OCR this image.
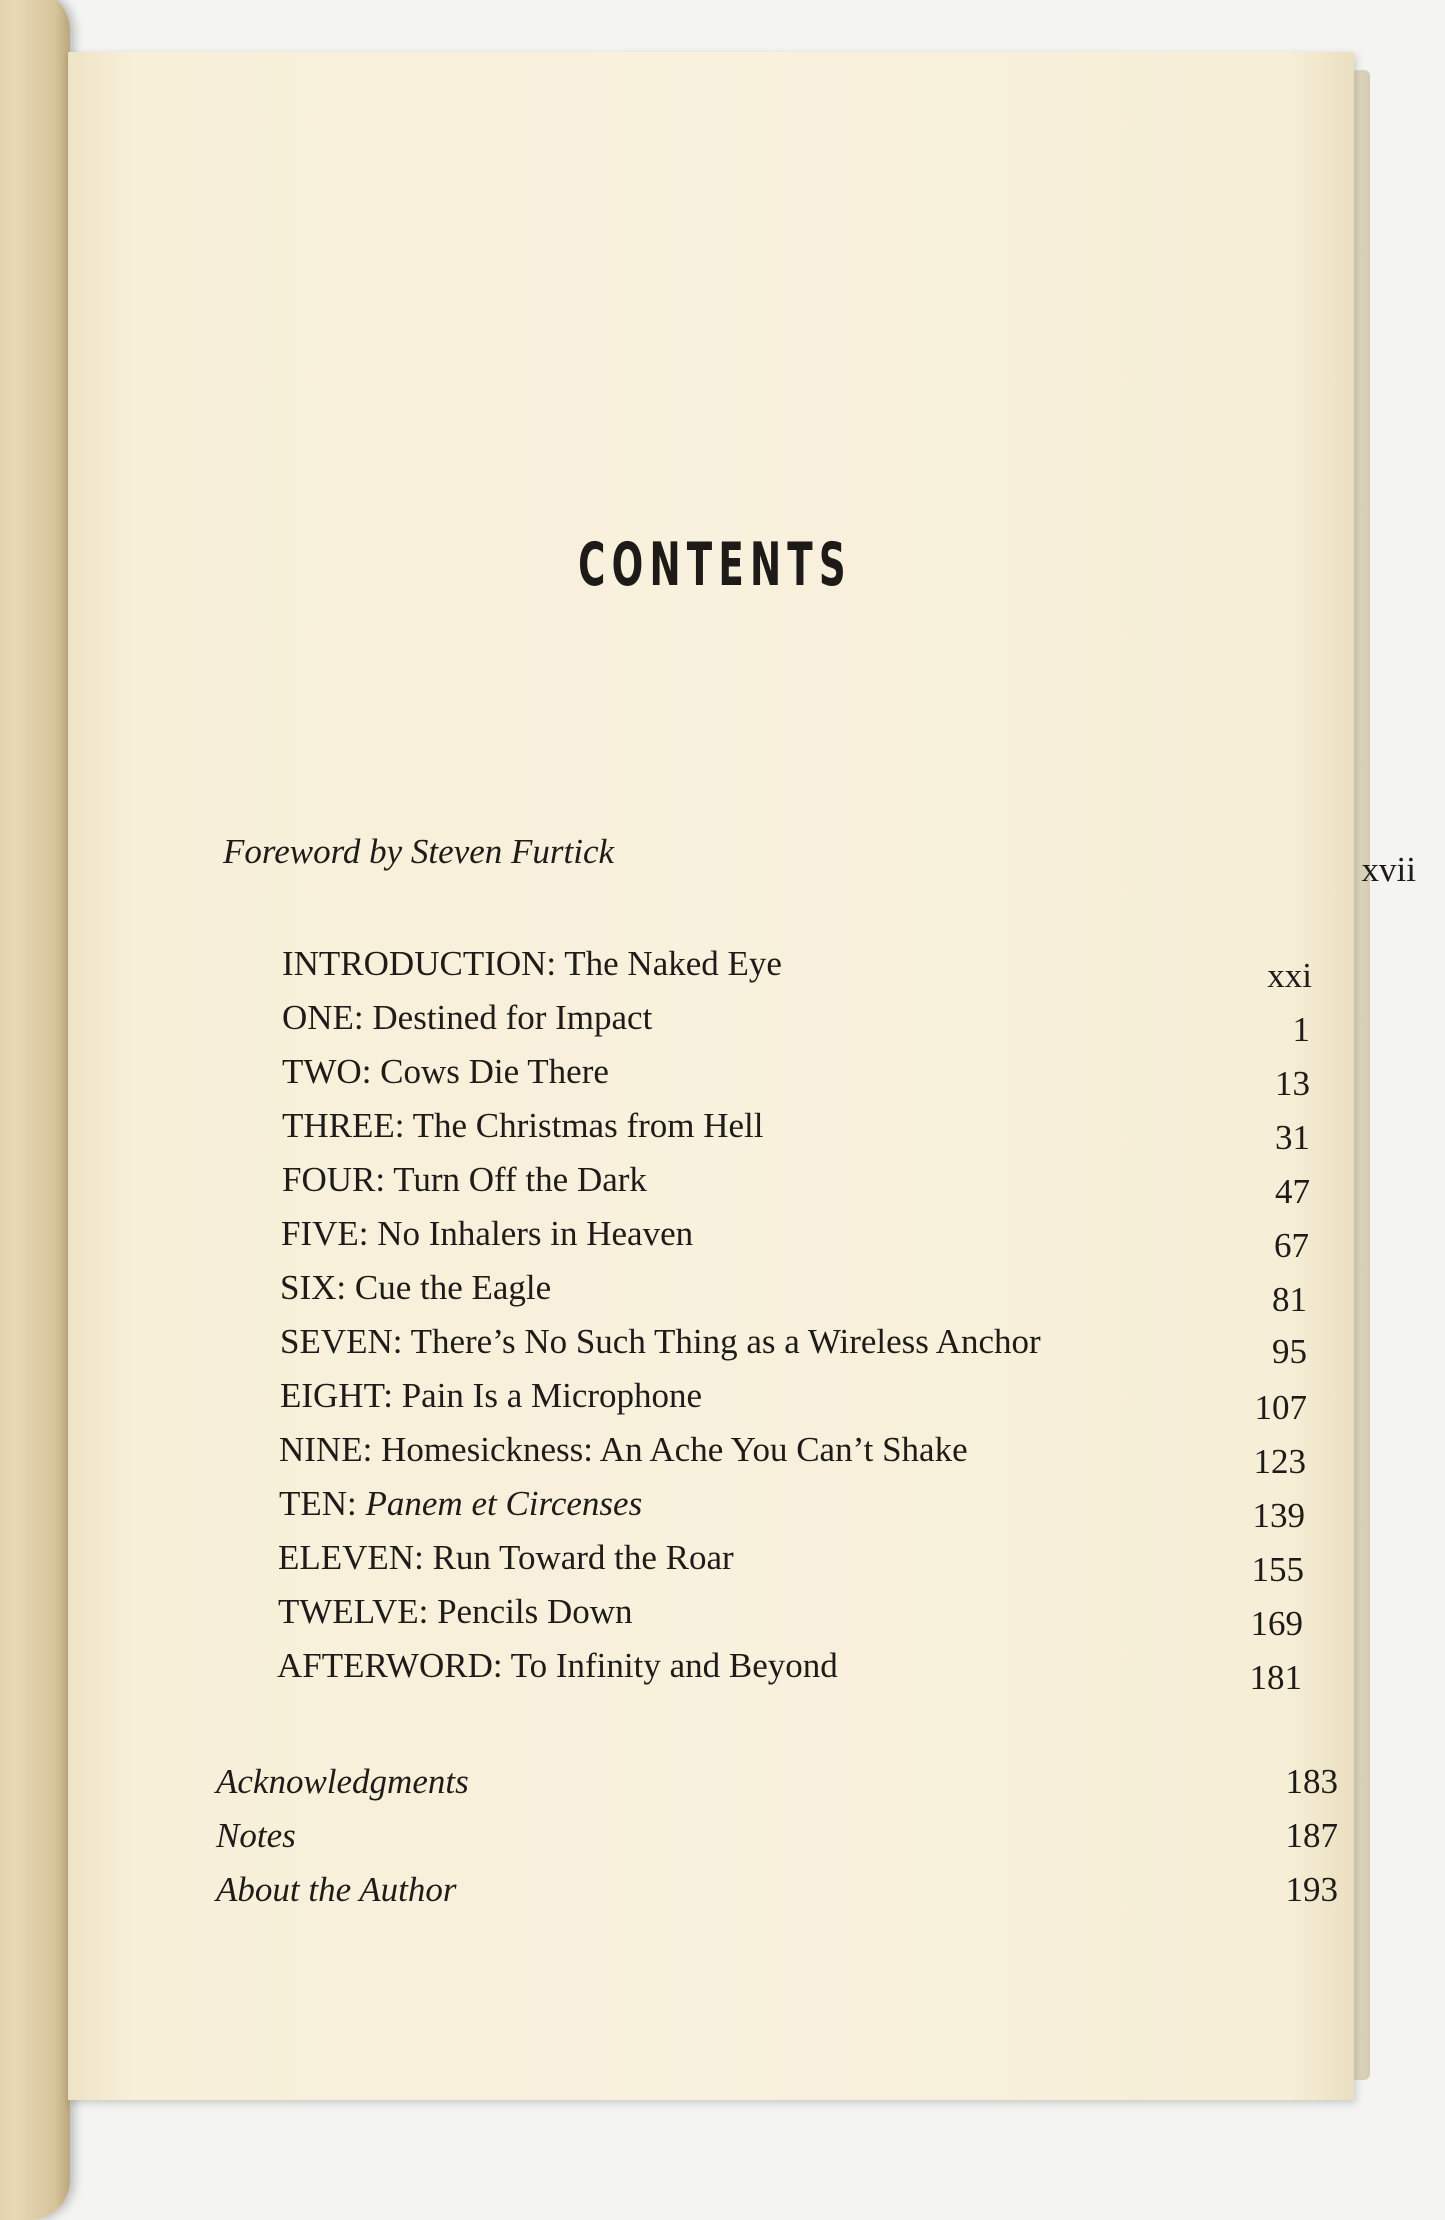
CONTENTS
Foreword by Steven Furtick	xvii
INTRODUCTION: The Naked Eye	xxi
ONE: Destined for Impact	1
TWO: Cows Die There	13
THREE: The Christmas from Hell	31
FOUR: Turn Off the Dark	47
FIVE: No Inhalers in Heaven	67
SIX: Cue the Eagle	81
SEVEN: There’s No Such Thing as a Wireless Anchor	95
EIGHT: Pain Is a Microphone	107
NINE: Homesickness: An Ache You Can’t Shake	123
TEN: Panem et Circenses	139
ELEVEN: Run Toward the Roar	155
TWELVE: Pencils Down	169
AFTERWORD: To Infinity and Beyond	181
Acknowledgments	183
Notes	187
About the Author	193
